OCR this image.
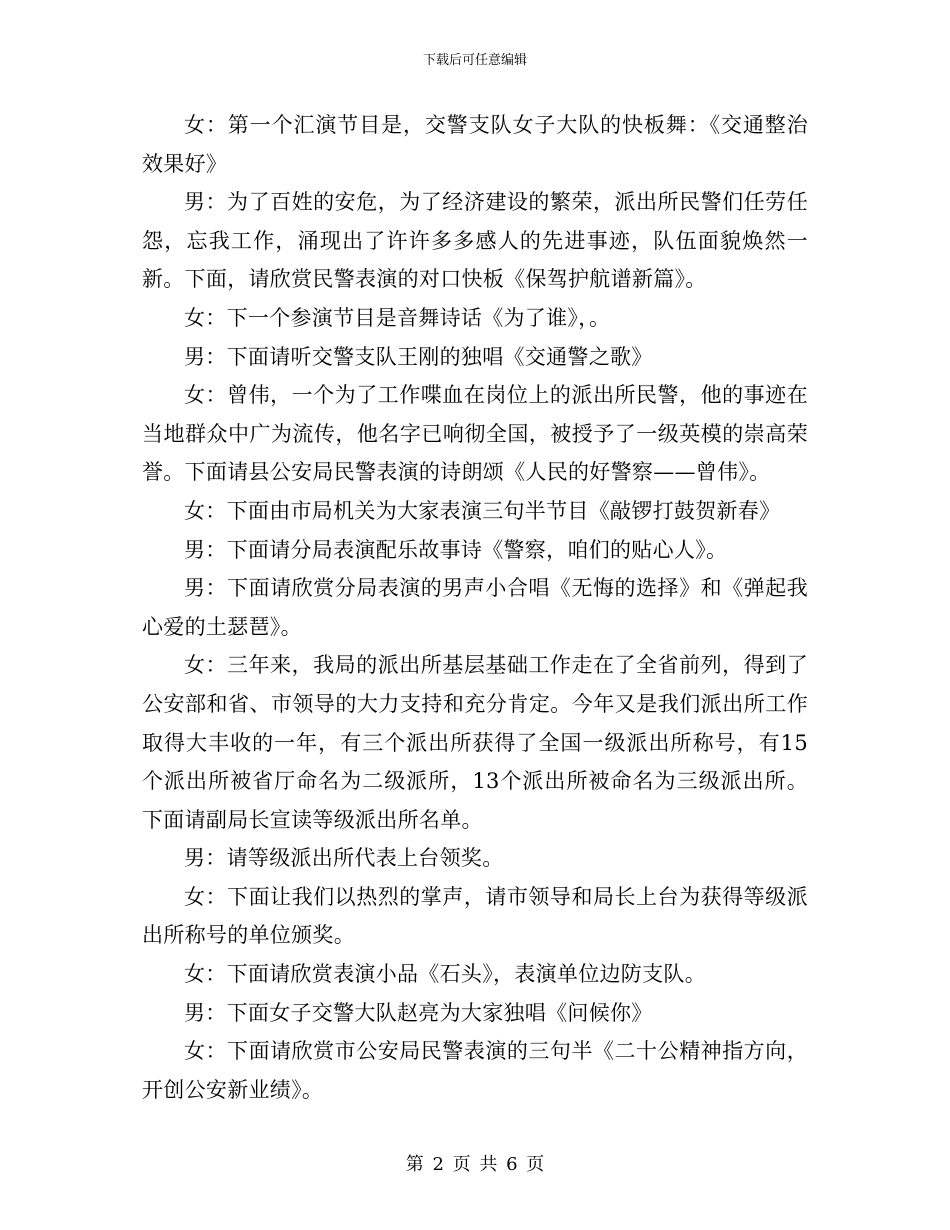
下载后可任意编辑

女：第一个汇演节目是，交警支队女子大队的快板舞：《交通整治效果好》

男：为了百姓的安危，为了经济建设的繁荣，派出所民警们任劳任怨，忘我工作，涌现出了许许多多感人的先进事迹，队伍面貌焕然一新。下面，请欣赏民警表演的对口快板《保驾护航谱新篇》。

女：下一个参演节目是音舞诗话《为了谁》，。

男：下面请听交警支队王刚的独唱《交通警之歌》

女：曾伟，一个为了工作喋血在岗位上的派出所民警，他的事迹在当地群众中广为流传，他名字已响彻全国，被授予了一级英模的崇高荣誉。下面请县公安局民警表演的诗朗颂《人民的好警察——曾伟》。

女：下面由市局机关为大家表演三句半节目《敲锣打鼓贺新春》

男：下面请分局表演配乐故事诗《警察，咱们的贴心人》。

男：下面请欣赏分局表演的男声小合唱《无悔的选择》和《弹起我心爱的土瑟琶》。

女：三年来，我局的派出所基层基础工作走在了全省前列，得到了公安部和省、市领导的大力支持和充分肯定。今年又是我们派出所工作取得大丰收的一年，有三个派出所获得了全国一级派出所称号，有15个派出所被省厅命名为二级派所，13个派出所被命名为三级派出所。下面请副局长宣读等级派出所名单。

男：请等级派出所代表上台领奖。

女：下面让我们以热烈的掌声，请市领导和局长上台为获得等级派出所称号的单位颁奖。

女：下面请欣赏表演小品《石头》，表演单位边防支队。

男：下面女子交警大队赵亮为大家独唱《问候你》

女：下面请欣赏市公安局民警表演的三句半《二十公精神指方向，开创公安新业绩》。

第 2 页 共 6 页
